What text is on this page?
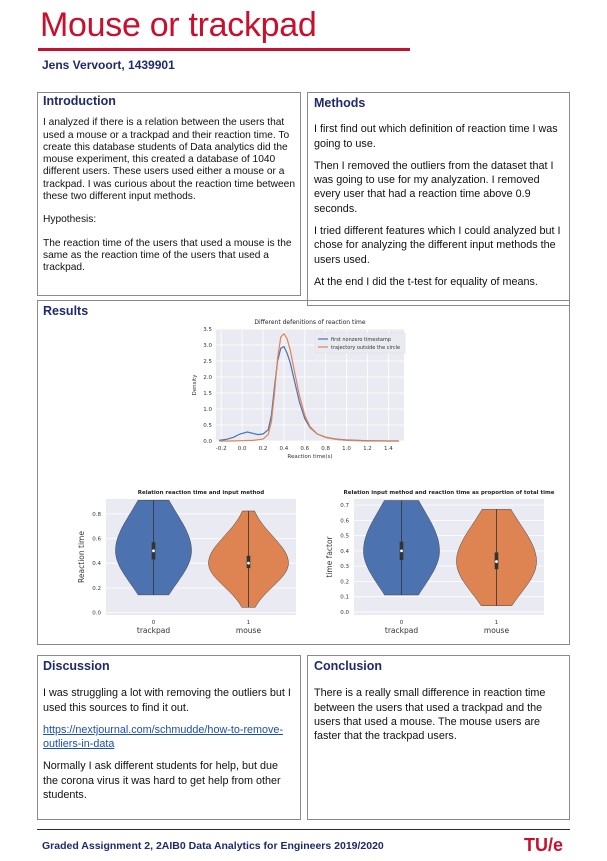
Mouse or trackpad
Jens Vervoort, 1439901
Introduction

I analyzed if there is a relation between the users that used a mouse or a trackpad and their reaction time. To create this database students of Data analytics did the mouse experiment, this created a database of 1040 different users. These users used either a mouse or a trackpad. I was curious about the reaction time between these two different input methods.

Hypothesis:

The reaction time of the users that used a mouse is the same as the reaction time of the users that used a trackpad.

Methods

I first find out which definition of reaction time I was going to use.

Then I removed the outliers from the dataset that I was going to use for my analyzation. I removed every user that had a reaction time above 0.9 seconds.

I tried different features which I could analyzed but I chose for analyzing the different input methods the users used.

At the end I did the t-test for equality of means.

Results
Different defenitions of reaction time
-0.2 0.0 0.2 0.4 0.6 0.8 1.0 1.2 1.4
0.0
0.5
1.0
1.5
2.0
2.5
3.0
3.5
Reaction time(s)
Density
first nonzero timestamp
trajectory outside the circle
Relation reaction time and input method
0.0
0.2
0.4
0.6
0.8
Reaction time
0
trackpad
1
mouse
Relation input method and reaction time as proportion of total time
0.0
0.1
0.2
0.3
0.4
0.5
0.6
0.7
time factor
0
trackpad
1
mouse
Discussion

I was struggling a lot with removing the outliers but I used this sources to find it out.

https://nextjournal.com/schmudde/how-to-remove-outliers-in-data

Normally I ask different students for help, but due the corona virus it was hard to get help from other students.

Conclusion

There is a really small difference in reaction time between the users that used a trackpad and the users that used a mouse. The mouse users are faster that the trackpad users.

Graded Assignment 2, 2AIB0 Data Analytics for Engineers 2019/2020	TU/e
